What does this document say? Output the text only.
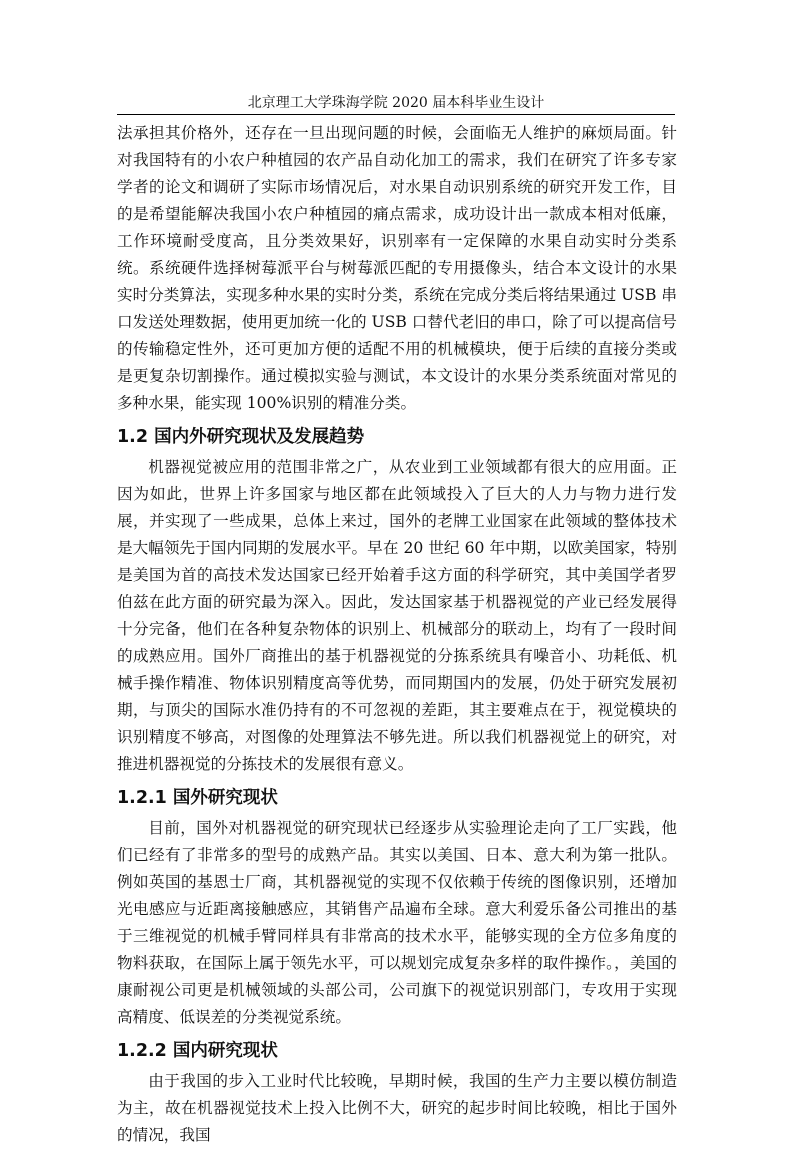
北京理工大学珠海学院 2020 届本科毕业生设计

法承担其价格外，还存在一旦出现问题的时候，会面临无人维护的麻烦局面。针对我国特有的小农户种植园的农产品自动化加工的需求，我们在研究了许多专家学者的论文和调研了实际市场情况后，对水果自动识别系统的研究开发工作，目的是希望能解决我国小农户种植园的痛点需求，成功设计出一款成本相对低廉，工作环境耐受度高，且分类效果好，识别率有一定保障的水果自动实时分类系统。系统硬件选择树莓派平台与树莓派匹配的专用摄像头，结合本文设计的水果实时分类算法，实现多种水果的实时分类，系统在完成分类后将结果通过 USB 串口发送处理数据，使用更加统一化的 USB 口替代老旧的串口，除了可以提高信号的传输稳定性外，还可更加方便的适配不用的机械模块，便于后续的直接分类或是更复杂切割操作。通过模拟实验与测试，本文设计的水果分类系统面对常见的多种水果，能实现 100%识别的精准分类。

1.2 国内外研究现状及发展趋势

机器视觉被应用的范围非常之广，从农业到工业领域都有很大的应用面。正因为如此，世界上许多国家与地区都在此领域投入了巨大的人力与物力进行发展，并实现了一些成果，总体上来过，国外的老牌工业国家在此领域的整体技术是大幅领先于国内同期的发展水平。早在 20 世纪 60 年中期，以欧美国家，特别是美国为首的高技术发达国家已经开始着手这方面的科学研究，其中美国学者罗伯兹在此方面的研究最为深入。因此，发达国家基于机器视觉的产业已经发展得十分完备，他们在各种复杂物体的识别上、机械部分的联动上，均有了一段时间的成熟应用。国外厂商推出的基于机器视觉的分拣系统具有噪音小、功耗低、机械手操作精准、物体识别精度高等优势，而同期国内的发展，仍处于研究发展初期，与顶尖的国际水准仍持有的不可忽视的差距，其主要难点在于，视觉模块的识别精度不够高，对图像的处理算法不够先进。所以我们机器视觉上的研究，对推进机器视觉的分拣技术的发展很有意义。

1.2.1 国外研究现状

目前，国外对机器视觉的研究现状已经逐步从实验理论走向了工厂实践，他们已经有了非常多的型号的成熟产品。其实以美国、日本、意大利为第一批队。例如英国的基恩士厂商，其机器视觉的实现不仅依赖于传统的图像识别，还增加光电感应与近距离接触感应，其销售产品遍布全球。意大利爱乐备公司推出的基于三维视觉的机械手臂同样具有非常高的技术水平，能够实现的全方位多角度的物料获取，在国际上属于领先水平，可以规划完成复杂多样的取件操作。，美国的康耐视公司更是机械领域的头部公司，公司旗下的视觉识别部门，专攻用于实现高精度、低误差的分类视觉系统。

1.2.2 国内研究现状

由于我国的步入工业时代比较晚，早期时候，我国的生产力主要以模仿制造为主，故在机器视觉技术上投入比例不大，研究的起步时间比较晚，相比于国外的情况，我国
